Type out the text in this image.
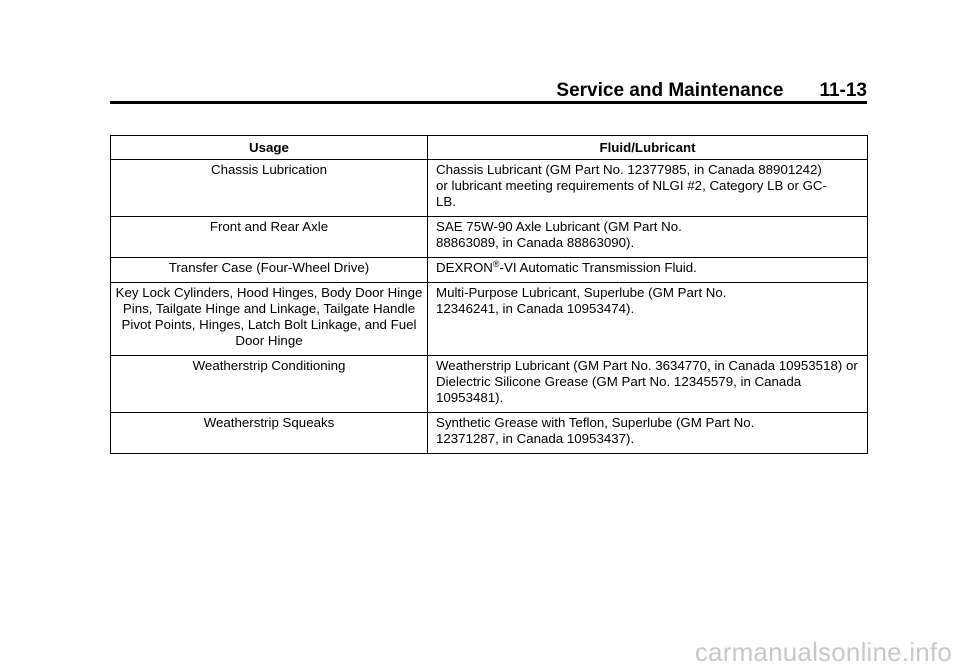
Service and Maintenance 11-13
Usage	Fluid/Lubricant
Chassis Lubrication	Chassis Lubricant (GM Part No. 12377985, in Canada 88901242) or lubricant meeting requirements of NLGI #2, Category LB or GC-LB.
Front and Rear Axle	SAE 75W-90 Axle Lubricant (GM Part No. 88863089, in Canada 88863090).
Transfer Case (Four-Wheel Drive)	DEXRON®-VI Automatic Transmission Fluid.
Key Lock Cylinders, Hood Hinges, Body Door Hinge Pins, Tailgate Hinge and Linkage, Tailgate Handle Pivot Points, Hinges, Latch Bolt Linkage, and Fuel Door Hinge	Multi-Purpose Lubricant, Superlube (GM Part No. 12346241, in Canada 10953474).
Weatherstrip Conditioning	Weatherstrip Lubricant (GM Part No. 3634770, in Canada 10953518) or Dielectric Silicone Grease (GM Part No. 12345579, in Canada 10953481).
Weatherstrip Squeaks	Synthetic Grease with Teflon, Superlube (GM Part No. 12371287, in Canada 10953437).
carmanualsonline.info
